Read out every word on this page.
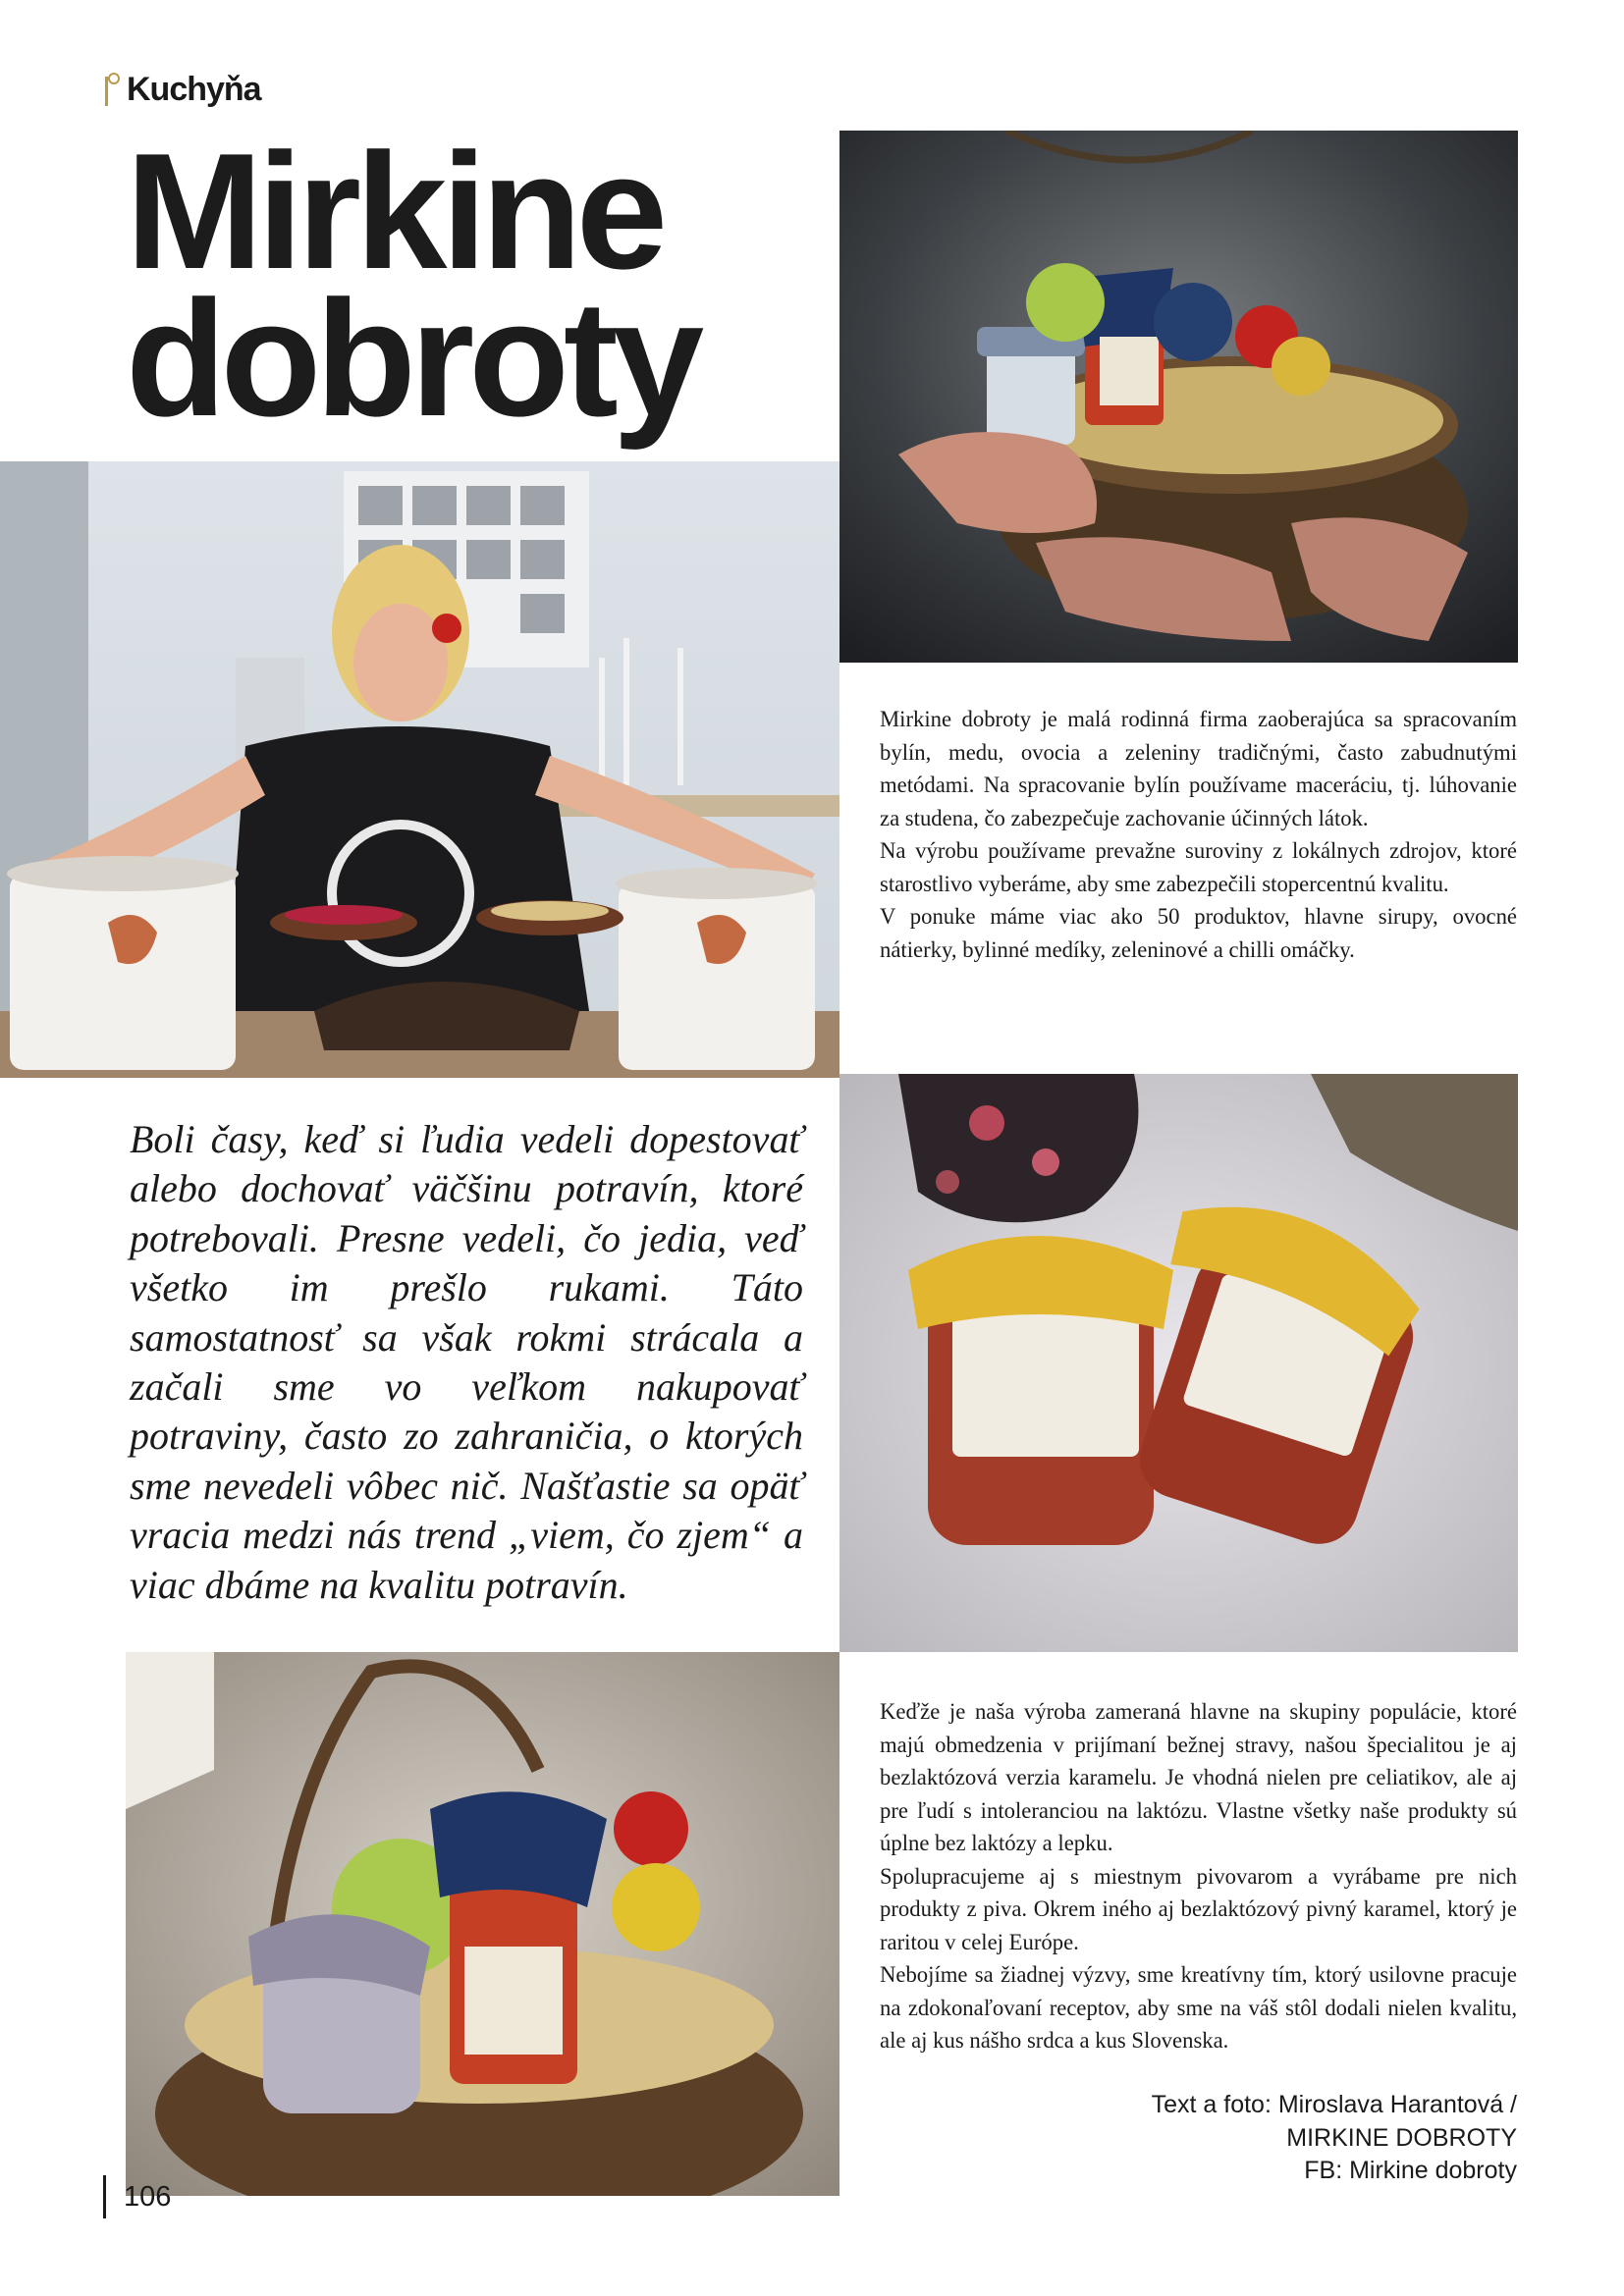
Kuchyňa
Mirkine
dobroty

Mirkine dobroty je malá rodinná firma zaoberajúca sa spracovaním bylín, medu, ovocia a zeleniny tradičnými, často zabudnutými metódami. Na spracovanie bylín používame maceráciu, tj. lúhovanie za studena, čo zabezpečuje zachovanie účinných látok.

Na výrobu používame prevažne suroviny z lokálnych zdrojov, ktoré starostlivo vyberáme, aby sme zabezpečili stopercentnú kvalitu.

V ponuke máme viac ako 50 produktov, hlavne sirupy, ovocné nátierky, bylinné medíky, zeleninové a chilli omáčky.

Boli časy, keď si ľudia vedeli dopestovať alebo dochovať väčšinu potravín, ktoré potrebovali. Presne vedeli, čo jedia, veď všetko im prešlo rukami. Táto samostatnosť sa však rokmi strácala a začali sme vo veľkom nakupovať potraviny, často zo zahraničia, o ktorých sme nevedeli vôbec nič. Našťastie sa opäť vracia medzi nás trend „viem, čo zjem“ a viac dbáme na kvalitu potravín.

Keďže je naša výroba zameraná hlavne na skupiny populácie, ktoré majú obmedzenia v prijímaní bežnej stravy, našou špecialitou je aj bezlaktózová verzia karamelu. Je vhodná nielen pre celiatikov, ale aj pre ľudí s intoleranciou na laktózu. Vlastne všetky naše produkty sú úplne bez laktózy a lepku.

Spolupracujeme aj s miestnym pivovarom a vyrábame pre nich produkty z piva. Okrem iného aj bezlaktózový pivný karamel, ktorý je raritou v celej Európe.

Nebojíme sa žiadnej výzvy, sme kreatívny tím, ktorý usilovne pracuje na zdokonaľovaní receptov, aby sme na váš stôl dodali nielen kvalitu, ale aj kus nášho srdca a kus Slovenska.

Text a foto: Miroslava Harantová /
MIRKINE DOBROTY
FB: Mirkine dobroty
106
